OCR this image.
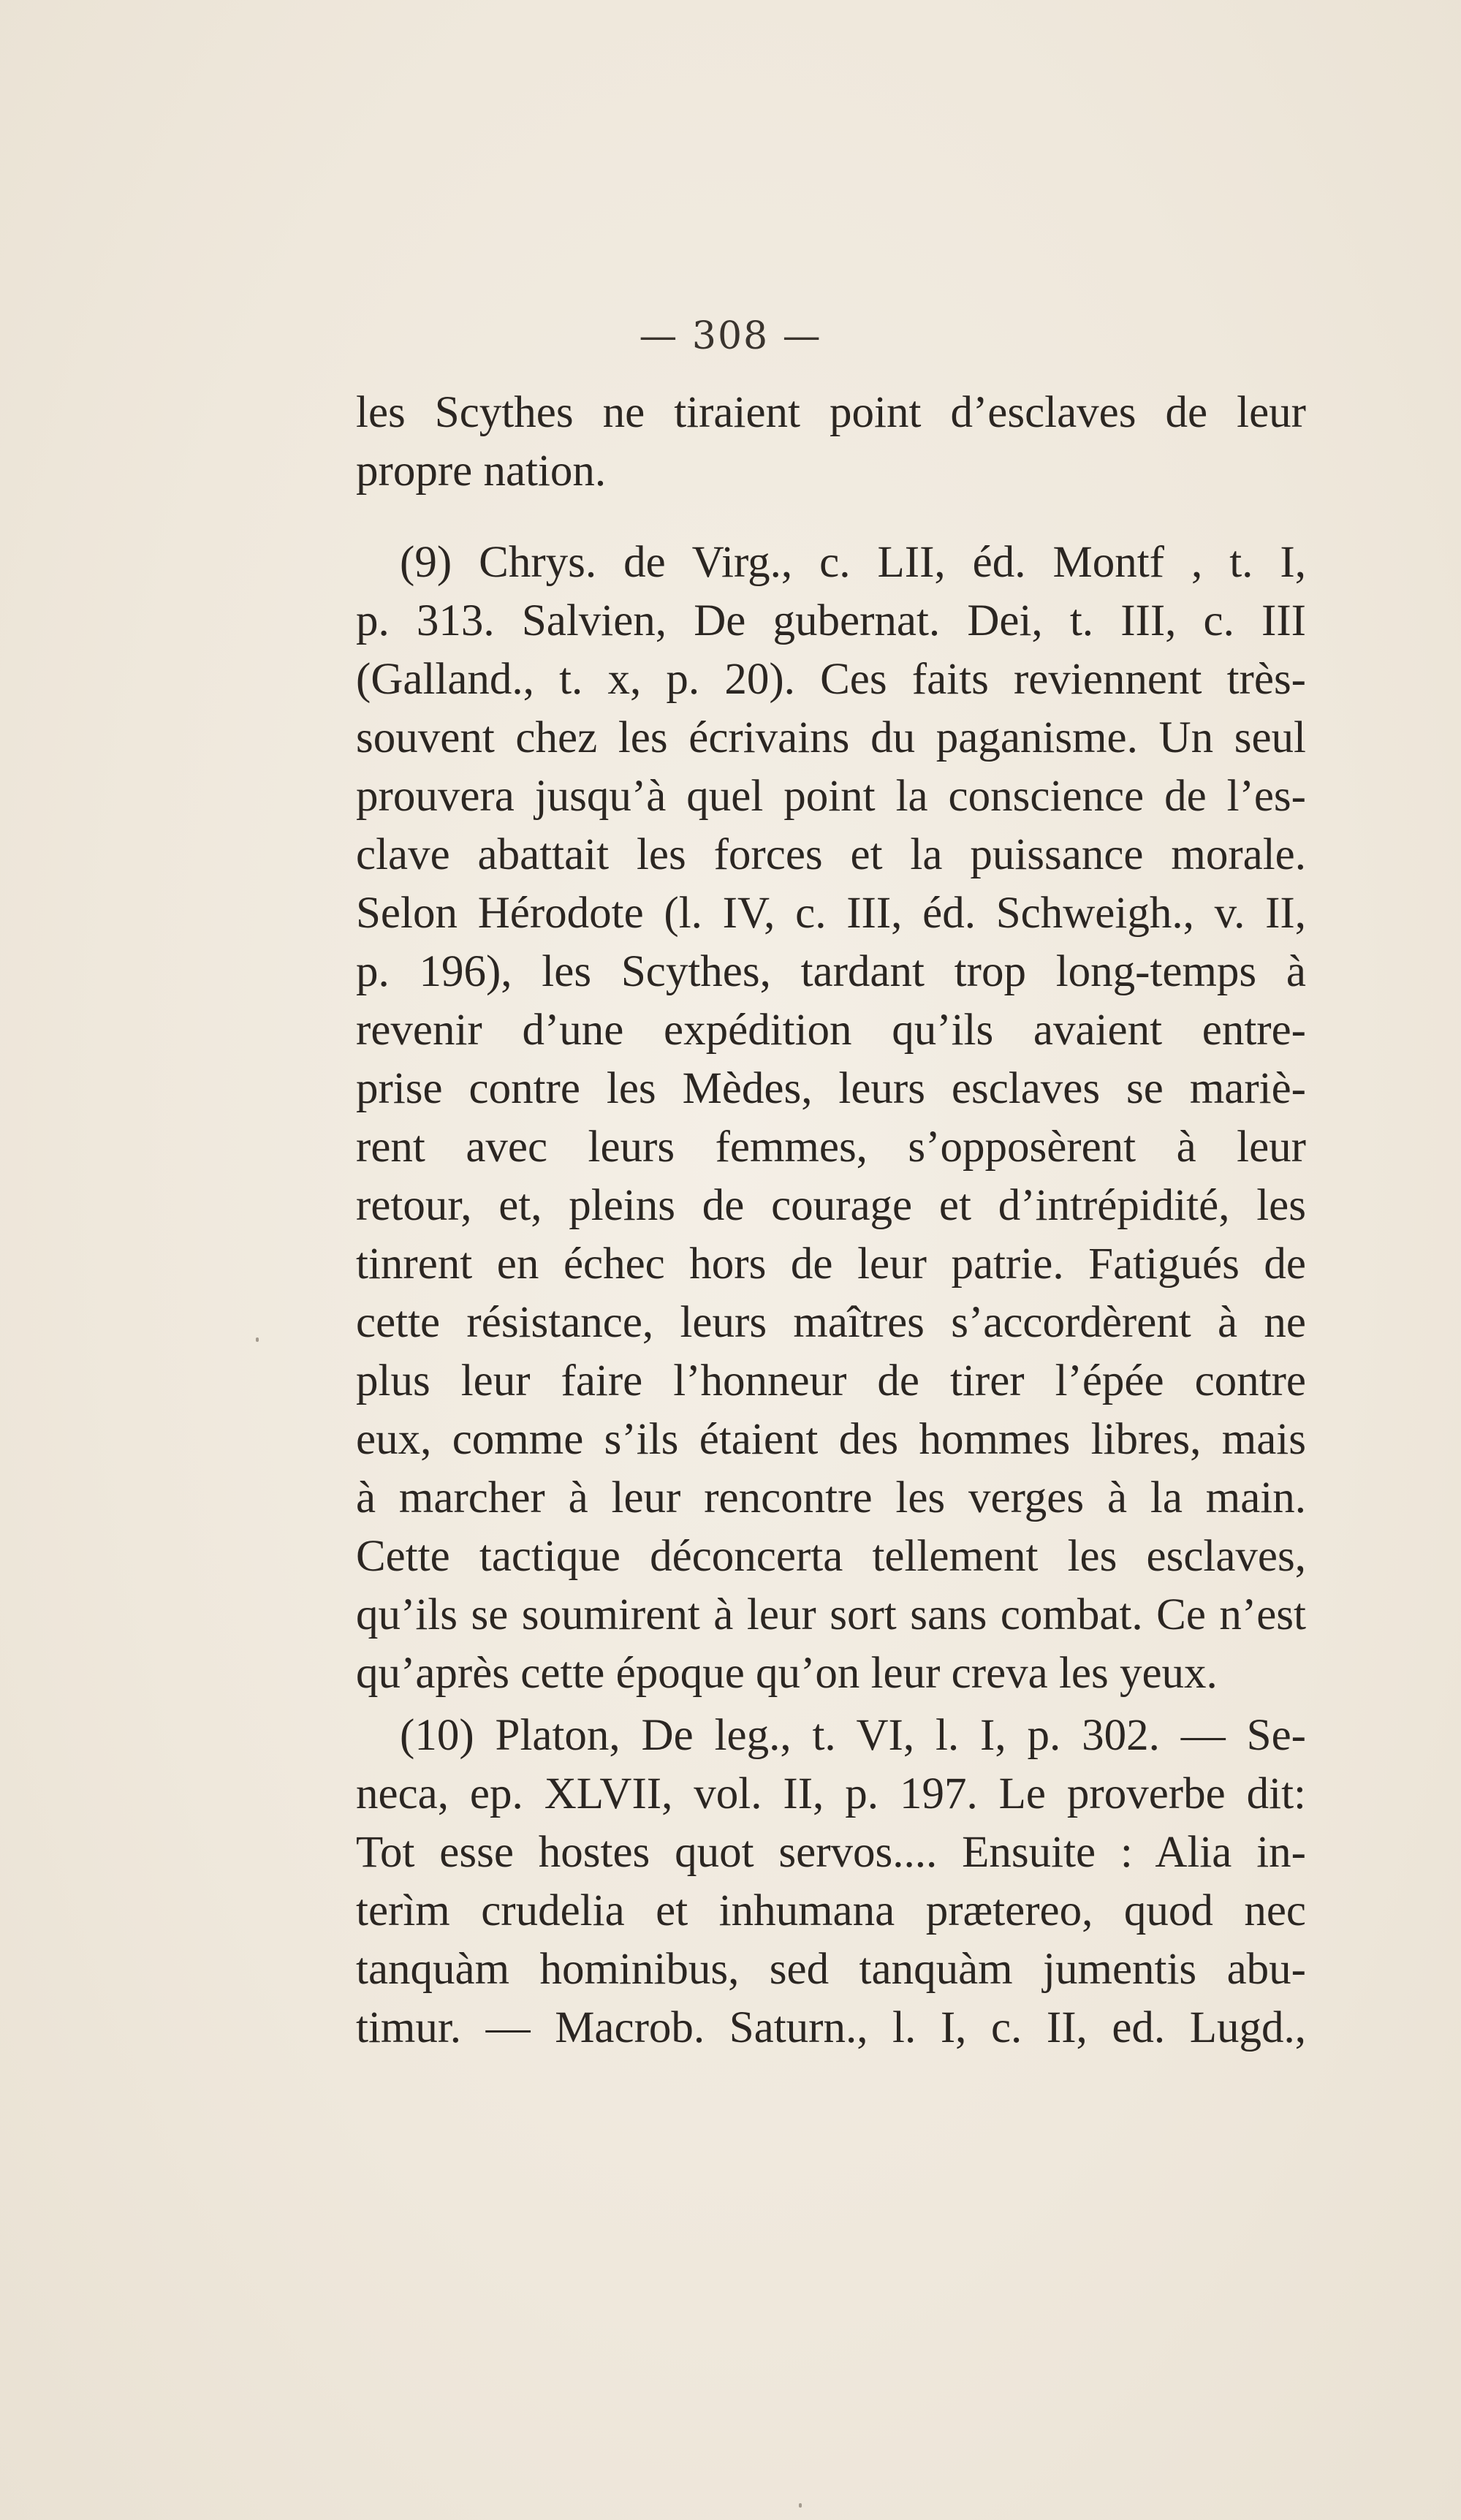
— 308 —
les Scythes ne tiraient point d’esclaves de leur
propre nation.
(9) Chrys. de Virg., c. LII, éd. Montf , t. I,
p. 313. Salvien, De gubernat. Dei, t. III, c. III
(Galland., t. x, p. 20). Ces faits reviennent très-
souvent chez les écrivains du paganisme. Un seul
prouvera jusqu’à quel point la conscience de l’es-
clave abattait les forces et la puissance morale.
Selon Hérodote (l. IV, c. III, éd. Schweigh., v. II,
p. 196), les Scythes, tardant trop long-temps à
revenir d’une expédition qu’ils avaient entre-
prise contre les Mèdes, leurs esclaves se mariè-
rent avec leurs femmes, s’opposèrent à leur
retour, et, pleins de courage et d’intrépidité, les
tinrent en échec hors de leur patrie. Fatigués de
cette résistance, leurs maîtres s’accordèrent à ne
plus leur faire l’honneur de tirer l’épée contre
eux, comme s’ils étaient des hommes libres, mais
à marcher à leur rencontre les verges à la main.
Cette tactique déconcerta tellement les esclaves,
qu’ils se soumirent à leur sort sans combat. Ce n’est
qu’après cette époque qu’on leur creva les yeux.
(10) Platon, De leg., t. VI, l. I, p. 302. — Se-
neca, ep. XLVII, vol. II, p. 197. Le proverbe dit:
Tot esse hostes quot servos.... Ensuite : Alia in-
terìm crudelia et inhumana prætereo, quod nec
tanquàm hominibus, sed tanquàm jumentis abu-
timur. — Macrob. Saturn., l. I, c. II, ed. Lugd.,
